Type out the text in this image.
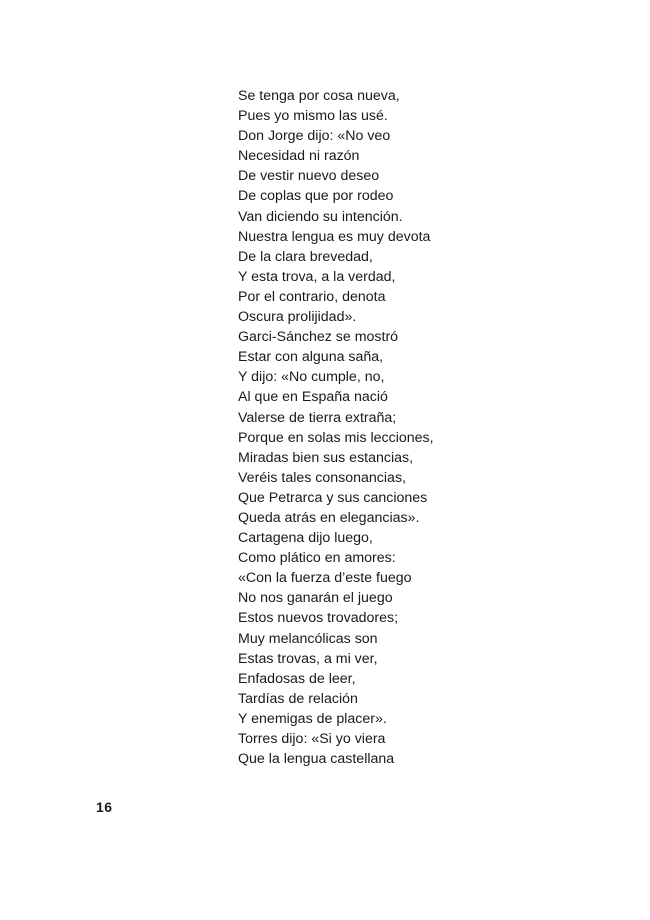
Se tenga por cosa nueva,
Pues yo mismo las usé.
Don Jorge dijo: «No veo
Necesidad ni razón
De vestir nuevo deseo
De coplas que por rodeo
Van diciendo su intención.
Nuestra lengua es muy devota
De la clara brevedad,
Y esta trova, a la verdad,
Por el contrario, denota
Oscura prolijidad».
Garci-Sánchez se mostró
Estar con alguna saña,
Y dijo: «No cumple, no,
Al que en España nació
Valerse de tierra extraña;
Porque en solas mis lecciones,
Miradas bien sus estancias,
Veréis tales consonancias,
Que Petrarca y sus canciones
Queda atrás en elegancias».
Cartagena dijo luego,
Como plático en amores:
«Con la fuerza d’este fuego
No nos ganarán el juego
Estos nuevos trovadores;
Muy melancólicas son
Estas trovas, a mi ver,
Enfadosas de leer,
Tardías de relación
Y enemigas de placer».
Torres dijo: «Si yo viera
Que la lengua castellana
16
